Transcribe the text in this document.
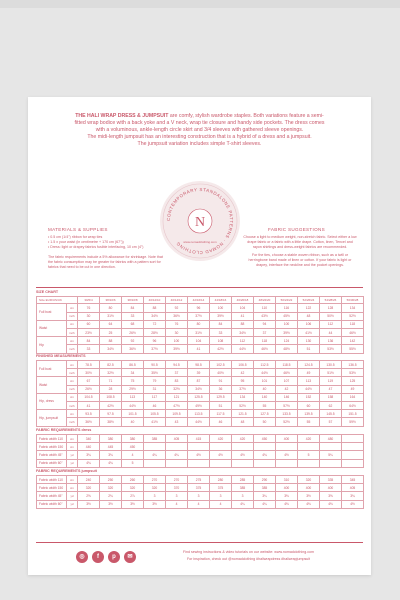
THE HALI WRAP DRESS & JUMPSUIT are comfy, stylish wardrobe staples. Both variations feature a semi-
fitted wrap bodice with a back yoke and a V neck, wrap tie closure and handy side pockets. The dress comes
with a voluminous, ankle-length circle skirt and 3/4 sleeves with gathered sleeve openings.
The midi-length jumpsuit has an interesting construction that is a hybrid of a dress and a jumpsuit.
The jumpsuit variation includes simple T-shirt sleeves.
CONTEMPORARY STANDALONE PATTERNS · NOMAD CLOTHING
N
www.nomadclothing.com
MATERIALS & SUPPLIES
• 0.5 cm (1/4") ribbon for wrap ties
• 1.5 x your waist (in centimetre + 170 cm (67"))
• Dress: light or drapey fabrics fusible interfacing, 10 cm (4")
The fabric requirements include a 5% allowance for shrinkage. Note that the fabric consumption may be greater for fabrics with a pattern sort for fabrics that need to be cut in one direction.
FABRIC SUGGESTIONS

Choose a light to medium weight, non-stretch fabric. Select either a low drape fabric or a fabric with a little drape. Cotton, linen, Tencel and rayon shirtings and dress-weight fabrics are recommended.

For the ties, choose a stable woven ribbon, such as a twill or herringbone band made of linen or cotton. If your fabric is light or drapey, interface the neckline and the pocket openings.

SIZE CHART
Size EUR/US/UK		30/6/4	38/10/6	38/10/8	40/12/10	40/14/12	42/16/14	44/18/16	46/20/18	48/22/20	50/24/22	52/26/24	54/28/26	56/30/28	
Full bust	cm	76	80	84	88	92	96	100	104	110	116	122	128	134	
	inch	30	31½	33	34½	36½	37½	39½	41	43½	45½	48	50½	52½	
Waist	cm	60	64	68	72	76	80	84	88	94	100	106	112	118	
	inch	23½	25	26½	28½	30	31½	33	34½	37	39½	41½	44	46½	
Hip	cm	84	88	92	96	100	104	108	112	118	124	130	136	142	
	inch	33	34½	36½	37½	39½	41	42½	44½	46½	48½	51	53½	55½	
FINISHED MEASUREMENTS
Full bust	cm	78.5	82.5	86.5	90.5	94.5	98.5	102.5	106.5	112.5	118.5	124.5	130.5	136.5
	inch	30½	32½	34	35½	37	39	40½	42	44½	46½	49	51½	53½
Waist	cm	67	71	75	79	83	87	91	95	101	107	113	119	125
	inch	26½	28	29½	31	32½	34½	36	37½	40	42	44½	47	49
Hip, dress	cm	104.5	108.5	113	117	121	125.5	129.5	134	140	146	152	158	164
	inch	41	42½	44½	46	47½	49½	51	52½	55	57½	60	62	64½
Hip, jumpsuit	cm	93.5	97.5	101.5	105.5	109.5	113.5	117.5	121.5	127.5	133.5	139.5	145.5	151.5
	inch	36½	38½	40	41½	43	44½	46	48	50	52½	55	57	59½
FABRIC REQUIREMENTS dress
Fabric width 110	cm	340	380	380	385	405	415	420	420	450	400	420	480	
Fabric width 150	cm	440	445	450										
Fabric width 45"	yd	3¾	3¾	4	4¼	4¼	4½	4½	4½	4¾	4½	5	5¼	
Fabric width 60"	yd	4¾	4¾	5										
FABRIC REQUIREMENTS jumpsuit
Fabric width 110	cm	240	250	260	270	270	275	280	285	290	310	320	335	345
Fabric width 150	cm	320	320	320	320	370	375	375	385	385	400	400	400	405
Fabric width 45"	yd	2⅝	2¾	2⅞	3	3	3	3	3	3¼	3⅜	3½	3⅝	3¾
Fabric width 60"	yd	3½	3½	3½	3½	4	4	4	4¼	4¼	4⅜	4⅜	4⅜	4½
◎	f	p	✉
Find sewing instructions & video tutorials on our website: www.nomadclothing.com
For inspiration, check out @nomadclothing #haliwrapdress #haliwrapjumpsuit
